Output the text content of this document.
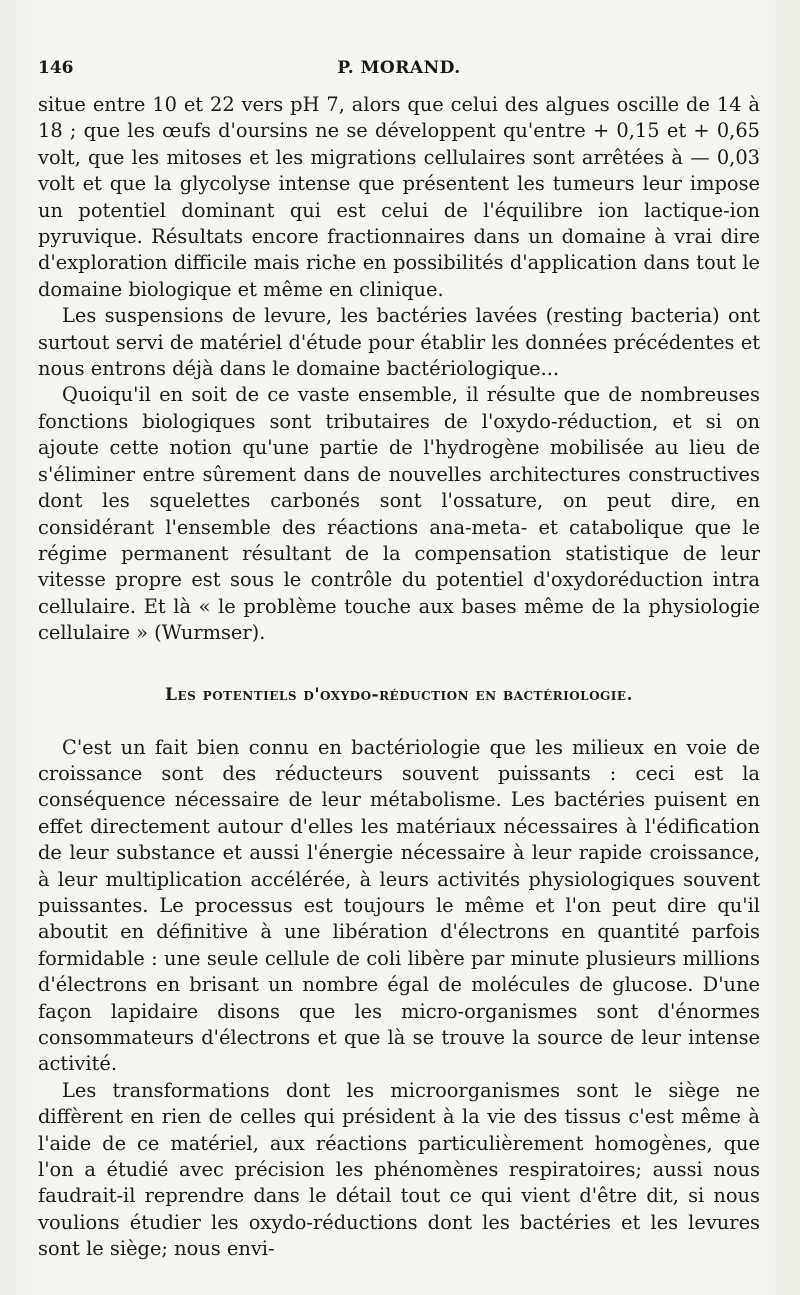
146	P. MORAND.

situe entre 10 et 22 vers pH 7, alors que celui des algues oscille de 14 à 18 ; que les œufs d'oursins ne se développent qu'entre + 0,15 et + 0,65 volt, que les mitoses et les migrations cellulaires sont arrêtées à — 0,03 volt et que la glycolyse intense que présentent les tumeurs leur impose un potentiel dominant qui est celui de l'équilibre ion lactique-ion pyruvique. Résultats encore fractionnaires dans un domaine à vrai dire d'exploration difficile mais riche en possibilités d'application dans tout le domaine biologique et même en clinique.

Les suspensions de levure, les bactéries lavées (resting bacteria) ont surtout servi de matériel d'étude pour établir les données précédentes et nous entrons déjà dans le domaine bactériologique...

Quoiqu'il en soit de ce vaste ensemble, il résulte que de nombreuses fonctions biologiques sont tributaires de l'oxydo-réduction, et si on ajoute cette notion qu'une partie de l'hydrogène mobilisée au lieu de s'éliminer entre sûrement dans de nouvelles architectures constructives dont les squelettes carbonés sont l'ossature, on peut dire, en considérant l'ensemble des réactions ana-meta- et catabolique que le régime permanent résultant de la compensation statistique de leur vitesse propre est sous le contrôle du potentiel d'oxydoréduction intra cellulaire. Et là « le problème touche aux bases même de la physiologie cellulaire » (Wurmser).

Les potentiels d'oxydo-réduction en bactériologie.

C'est un fait bien connu en bactériologie que les milieux en voie de croissance sont des réducteurs souvent puissants : ceci est la conséquence nécessaire de leur métabolisme. Les bactéries puisent en effet directement autour d'elles les matériaux nécessaires à l'édification de leur substance et aussi l'énergie nécessaire à leur rapide croissance, à leur multiplication accélérée, à leurs activités physiologiques souvent puissantes. Le processus est toujours le même et l'on peut dire qu'il aboutit en définitive à une libération d'électrons en quantité parfois formidable : une seule cellule de coli libère par minute plusieurs millions d'électrons en brisant un nombre égal de molécules de glucose. D'une façon lapidaire disons que les micro-organismes sont d'énormes consommateurs d'électrons et que là se trouve la source de leur intense activité.

Les transformations dont les microorganismes sont le siège ne diffèrent en rien de celles qui président à la vie des tissus c'est même à l'aide de ce matériel, aux réactions particulièrement homogènes, que l'on a étudié avec précision les phénomènes respiratoires; aussi nous faudrait-il reprendre dans le détail tout ce qui vient d'être dit, si nous voulions étudier les oxydo-réductions dont les bactéries et les levures sont le siège; nous envi-
